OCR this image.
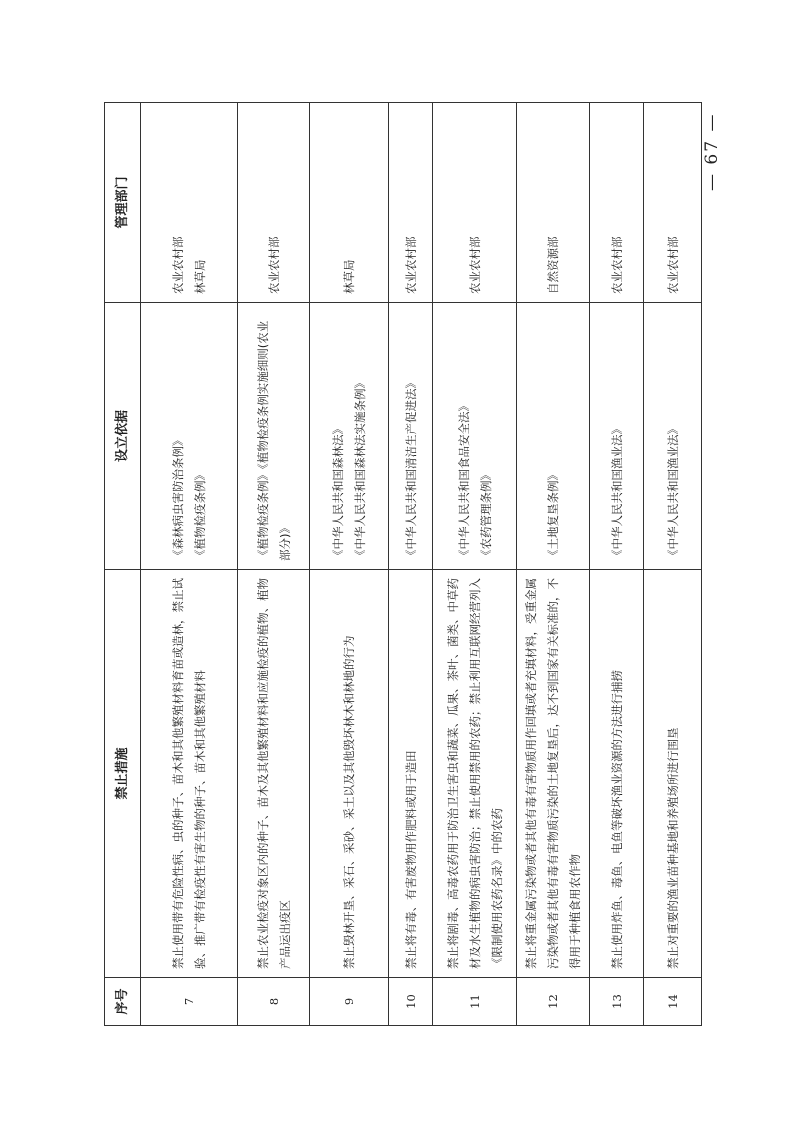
序号	禁止措施	设立依据	管理部门
7	禁止使用带有危险性病、虫的种子、苗木和其他繁殖材料育苗或造林，禁止试验、推广带有检疫性有害生物的种子、苗木和其他繁殖材料	《森林病虫害防治条例》 《植物检疫条例》	农业农村部 林草局

8	禁止农业检疫对象区内的种子、苗木及其他繁殖材料和应施检疫的植物、植物产品运出疫区	《植物检疫条例》《植物检疫条例实施细则(农业部分)》	农业农村部

9	禁止毁林开垦、采石、采砂、采土以及其他毁坏林木和林地的行为	《中华人民共和国森林法》 《中华人民共和国森林法实施条例》	林草局

10	禁止将有毒、有害废物用作肥料或用于造田	《中华人民共和国清洁生产促进法》	农业农村部

11	禁止将剧毒、高毒农药用于防治卫生害虫和蔬菜、瓜果、茶叶、菌类、中草药材及水生植物的病虫害防治；禁止使用禁用的农药；禁止利用互联网经营列入《限制使用农药名录》中的农药	《中华人民共和国食品安全法》 《农药管理条例》	农业农村部

12	禁止将重金属污染物或者其他有毒有害物质用作回填或者充填材料，受重金属污染物或者其他有毒有害物质污染的土地复垦后，达不到国家有关标准的，不得用于种植食用农作物	《土地复垦条例》	自然资源部

13	禁止使用炸鱼、毒鱼、电鱼等破坏渔业资源的方法进行捕捞	《中华人民共和国渔业法》	农业农村部

14	禁止对重要的渔业苗种基地和养殖场所进行围垦	《中华人民共和国渔业法》	农业农村部
— 67 —
